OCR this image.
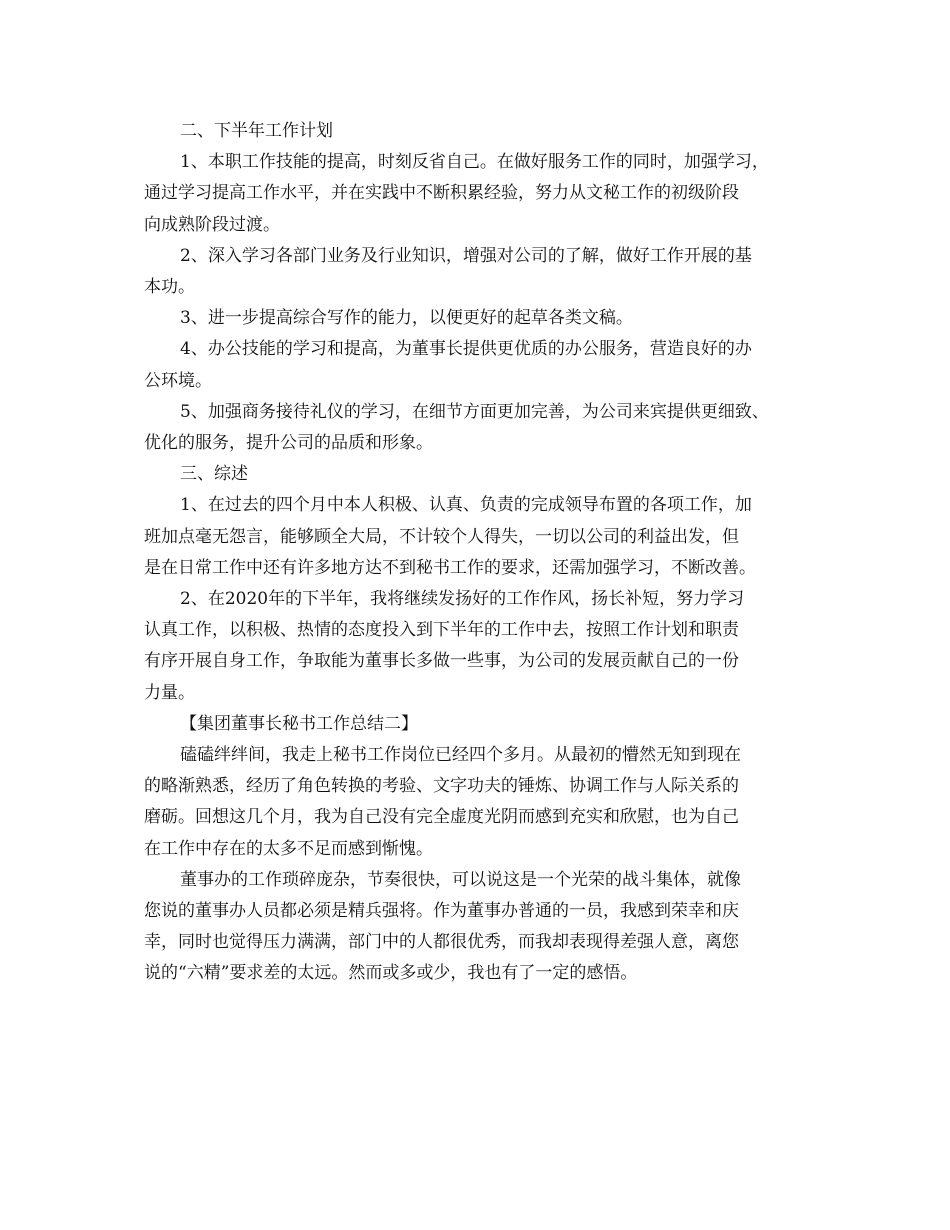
二、下半年工作计划

1、本职工作技能的提高，时刻反省自己。在做好服务工作的同时，加强学习，

通过学习提高工作水平，并在实践中不断积累经验，努力从文秘工作的初级阶段

向成熟阶段过渡。

2、深入学习各部门业务及行业知识，增强对公司的了解，做好工作开展的基

本功。

3、进一步提高综合写作的能力，以便更好的起草各类文稿。

4、办公技能的学习和提高，为董事长提供更优质的办公服务，营造良好的办

公环境。

5、加强商务接待礼仪的学习，在细节方面更加完善，为公司来宾提供更细致、

优化的服务，提升公司的品质和形象。

三、综述

1、在过去的四个月中本人积极、认真、负责的完成领导布置的各项工作，加

班加点毫无怨言，能够顾全大局，不计较个人得失，一切以公司的利益出发，但

是在日常工作中还有许多地方达不到秘书工作的要求，还需加强学习，不断改善。

2、在2020年的下半年，我将继续发扬好的工作作风，扬长补短，努力学习

认真工作，以积极、热情的态度投入到下半年的工作中去，按照工作计划和职责

有序开展自身工作，争取能为董事长多做一些事，为公司的发展贡献自己的一份

力量。

【集团董事长秘书工作总结二】

磕磕绊绊间，我走上秘书工作岗位已经四个多月。从最初的懵然无知到现在

的略渐熟悉，经历了角色转换的考验、文字功夫的锤炼、协调工作与人际关系的

磨砺。回想这几个月，我为自己没有完全虚度光阴而感到充实和欣慰，也为自己

在工作中存在的太多不足而感到惭愧。

董事办的工作琐碎庞杂，节奏很快，可以说这是一个光荣的战斗集体，就像

您说的董事办人员都必须是精兵强将。作为董事办普通的一员，我感到荣幸和庆

幸，同时也觉得压力满满，部门中的人都很优秀，而我却表现得差强人意，离您

说的“六精”要求差的太远。然而或多或少，我也有了一定的感悟。
